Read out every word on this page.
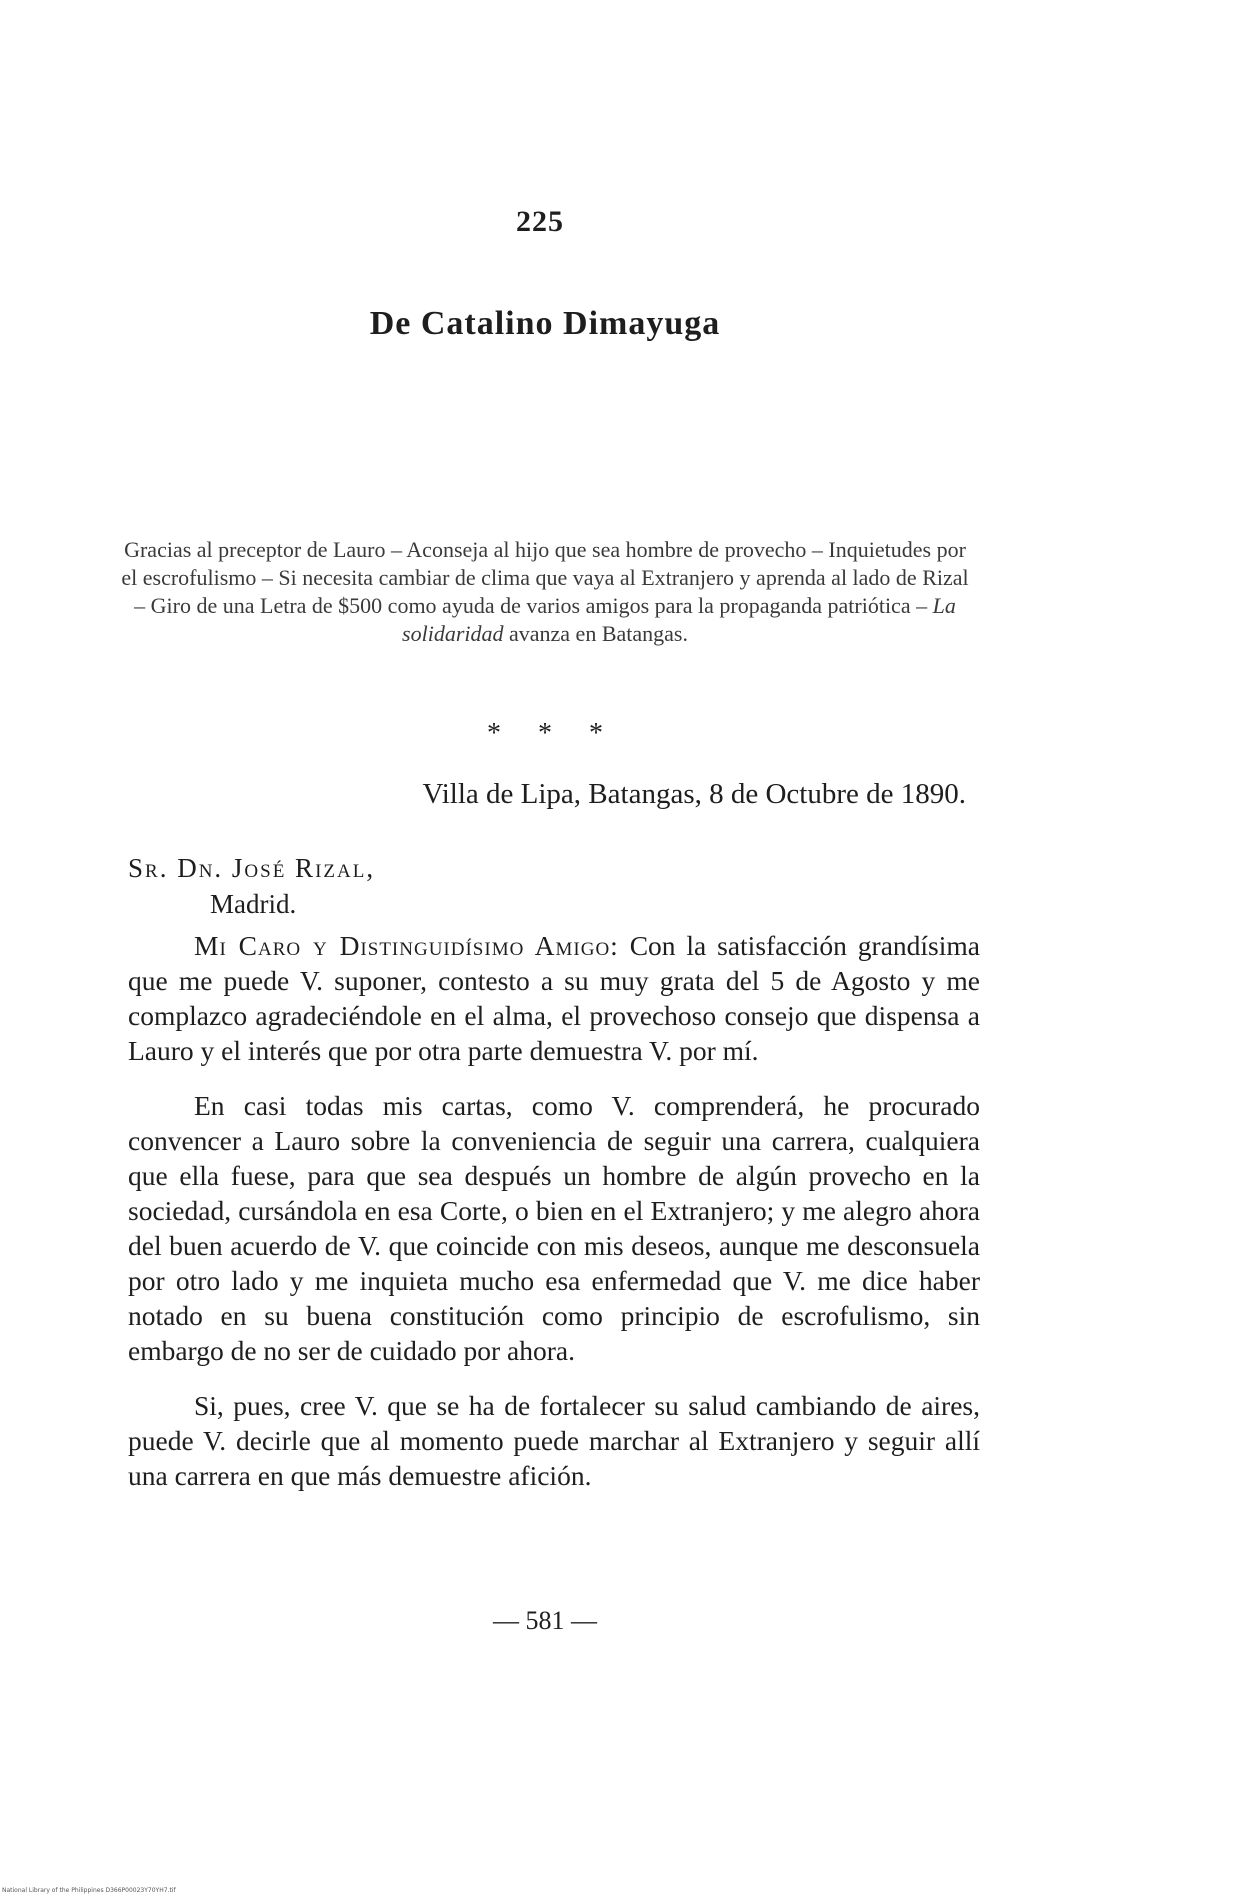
225
De Catalino Dimayuga
Gracias al preceptor de Lauro – Aconseja al hijo que sea hombre de provecho – Inquietudes por el escrofulismo – Si necesita cambiar de clima que vaya al Extranjero y aprenda al lado de Rizal – Giro de una Letra de $500 como ayuda de varios amigos para la propaganda patriótica – La solidaridad avanza en Batangas.
* * *
Villa de Lipa, Batangas, 8 de Octubre de 1890.
Sr. Dn. José Rizal,
Madrid.

Mi Caro y Distinguidísimo Amigo: Con la satisfacción grandísima que me puede V. suponer, contesto a su muy grata del 5 de Agosto y me complazco agradeciéndole en el alma, el provechoso consejo que dispensa a Lauro y el interés que por otra parte demuestra V. por mí.

En casi todas mis cartas, como V. comprenderá, he procurado convencer a Lauro sobre la conveniencia de seguir una carrera, cualquiera que ella fuese, para que sea después un hombre de algún provecho en la sociedad, cursándola en esa Corte, o bien en el Extranjero; y me alegro ahora del buen acuerdo de V. que coincide con mis deseos, aunque me desconsuela por otro lado y me inquieta mucho esa enfermedad que V. me dice haber notado en su buena constitución como principio de escrofulismo, sin embargo de no ser de cuidado por ahora.

Si, pues, cree V. que se ha de fortalecer su salud cambiando de aires, puede V. decirle que al momento puede marchar al Extranjero y seguir allí una carrera en que más demuestre afición.

— 581 —
National Library of the Philippines D366P00023Y70YH7.tif
